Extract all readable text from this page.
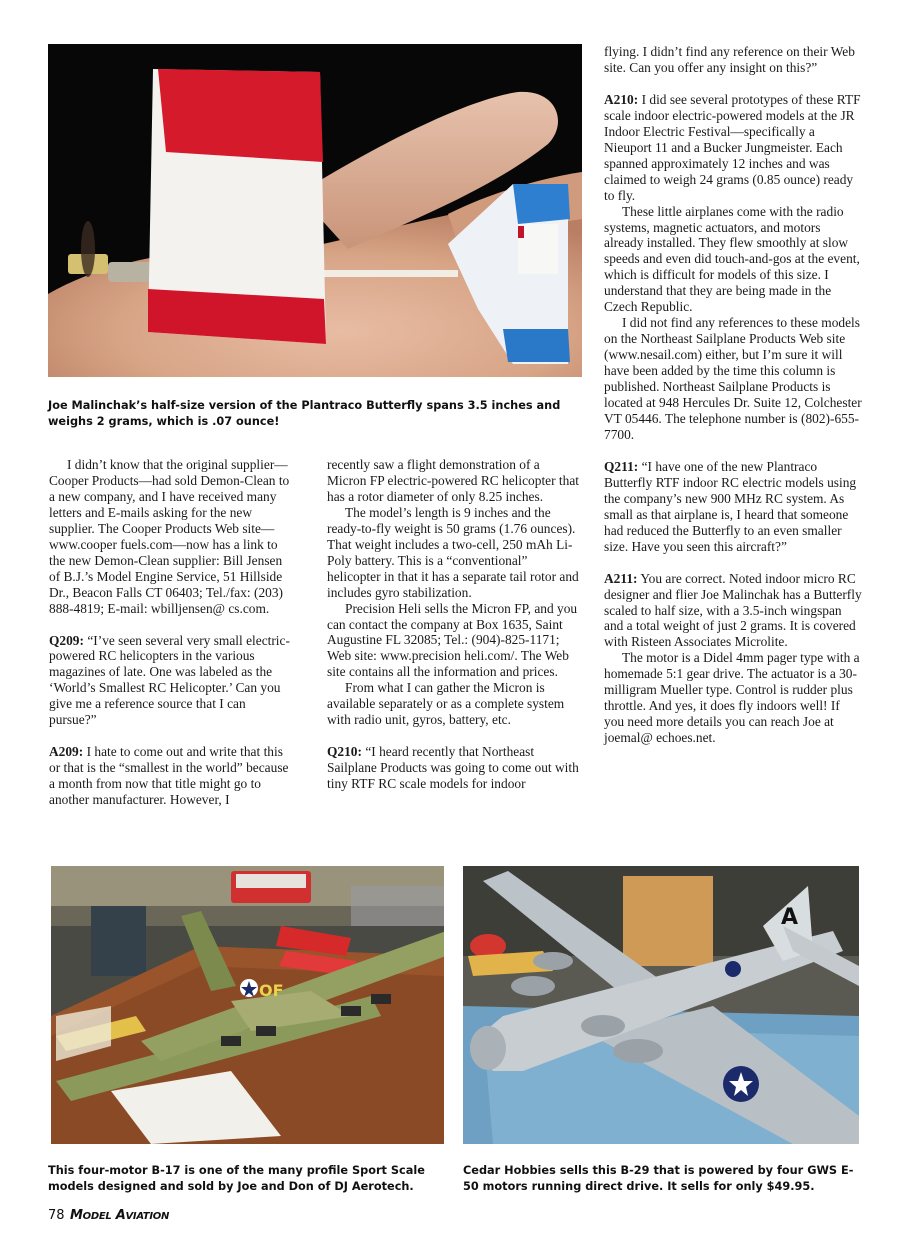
Joe Malinchak’s half-size version of the Plantraco Butterfly spans 3.5 inches and weighs 2 grams, which is .07 ounce!

I didn’t know that the original supplier—Cooper Products—had sold Demon-Clean to a new company, and I have received many letters and E-mails asking for the new supplier. The Cooper Products Web site—www.cooper fuels.com—now has a link to the new Demon-Clean supplier: Bill Jensen of B.J.’s Model Engine Service, 51 Hillside Dr., Beacon Falls CT 06403; Tel./fax: (203) 888-4819; E-mail: wbilljensen@ cs.com.

Q209: “I’ve seen several very small electric-powered RC helicopters in the various magazines of late. One was labeled as the ‘World’s Smallest RC Helicopter.’ Can you give me a reference source that I can pursue?”

A209: I hate to come out and write that this or that is the “smallest in the world” because a month from now that title might go to another manufacturer. However, I

recently saw a flight demonstration of a Micron FP electric-powered RC helicopter that has a rotor diameter of only 8.25 inches.

The model’s length is 9 inches and the ready-to-fly weight is 50 grams (1.76 ounces). That weight includes a two-cell, 250 mAh Li-Poly battery. This is a “conventional” helicopter in that it has a separate tail rotor and includes gyro stabilization.

Precision Heli sells the Micron FP, and you can contact the company at Box 1635, Saint Augustine FL 32085; Tel.: (904)-825-1171; Web site: www.precision heli.com/. The Web site contains all the information and prices.

From what I can gather the Micron is available separately or as a complete system with radio unit, gyros, battery, etc.

Q210: “I heard recently that Northeast Sailplane Products was going to come out with tiny RTF RC scale models for indoor

flying. I didn’t find any reference on their Web site. Can you offer any insight on this?”

A210: I did see several prototypes of these RTF scale indoor electric-powered models at the JR Indoor Electric Festival—specifically a Nieuport 11 and a Bucker Jungmeister. Each spanned approximately 12 inches and was claimed to weigh 24 grams (0.85 ounce) ready to fly.

These little airplanes come with the radio systems, magnetic actuators, and motors already installed. They flew smoothly at slow speeds and even did touch-and-gos at the event, which is difficult for models of this size. I understand that they are being made in the Czech Republic.

I did not find any references to these models on the Northeast Sailplane Products Web site (www.nesail.com) either, but I’m sure it will have been added by the time this column is published. Northeast Sailplane Products is located at 948 Hercules Dr. Suite 12, Colchester VT 05446. The telephone number is (802)-655-7700.

Q211: “I have one of the new Plantraco Butterfly RTF indoor RC electric models using the company’s new 900 MHz RC system. As small as that airplane is, I heard that someone had reduced the Butterfly to an even smaller size. Have you seen this aircraft?”

A211: You are correct. Noted indoor micro RC designer and flier Joe Malinchak has a Butterfly scaled to half size, with a 3.5-inch wingspan and a total weight of just 2 grams. It is covered with Risteen Associates Microlite.

The motor is a Didel 4mm pager type with a homemade 5:1 gear drive. The actuator is a 30-milligram Mueller type. Control is rudder plus throttle. And yes, it does fly indoors well! If you need more details you can reach Joe at joemal@ echoes.net.

OF
This four-motor B-17 is one of the many profile Sport Scale models designed and sold by Joe and Don of DJ Aerotech.
A
Cedar Hobbies sells this B-29 that is powered by four GWS E-50 motors running direct drive. It sells for only $49.95.
78 MODEL AVIATION
